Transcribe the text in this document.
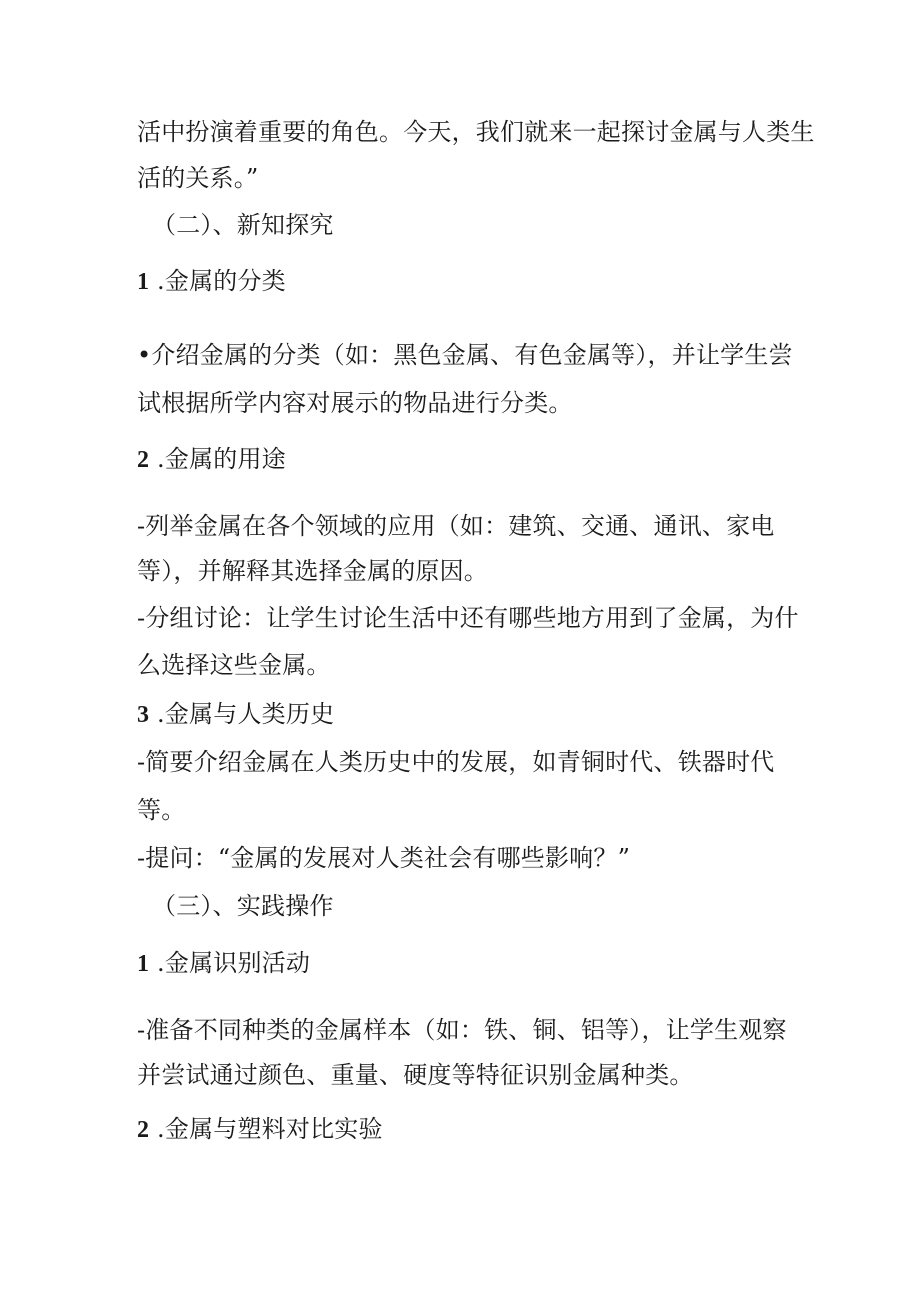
活中扮演着重要的角色。今天，我们就来一起探讨金属与人类生
活的关系。”
（二）、新知探究
1 .金属的分类
•介绍金属的分类（如：黑色金属、有色金属等），并让学生尝
试根据所学内容对展示的物品进行分类。
2 .金属的用途
-列举金属在各个领域的应用（如：建筑、交通、通讯、家电
等），并解释其选择金属的原因。
-分组讨论：让学生讨论生活中还有哪些地方用到了金属，为什
么选择这些金属。
3 .金属与人类历史
-简要介绍金属在人类历史中的发展，如青铜时代、铁器时代
等。
-提问：“金属的发展对人类社会有哪些影响？”
（三）、实践操作
1 .金属识别活动
-准备不同种类的金属样本（如：铁、铜、铝等），让学生观察
并尝试通过颜色、重量、硬度等特征识别金属种类。
2 .金属与塑料对比实验
